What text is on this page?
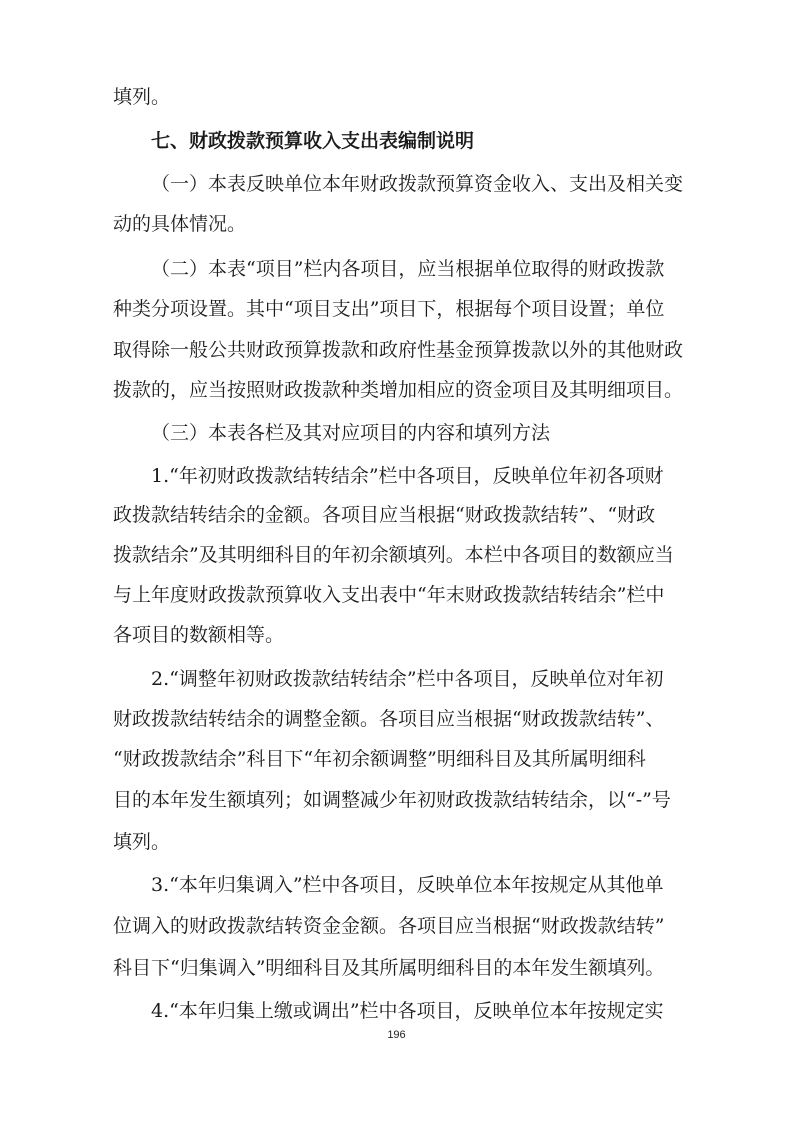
填列。
七、财政拨款预算收入支出表编制说明
（一）本表反映单位本年财政拨款预算资金收入、支出及相关变
动的具体情况。
（二）本表“项目”栏内各项目，应当根据单位取得的财政拨款
种类分项设置。其中“项目支出”项目下，根据每个项目设置；单位
取得除一般公共财政预算拨款和政府性基金预算拨款以外的其他财政
拨款的，应当按照财政拨款种类增加相应的资金项目及其明细项目。
（三）本表各栏及其对应项目的内容和填列方法
1.“年初财政拨款结转结余”栏中各项目，反映单位年初各项财
政拨款结转结余的金额。各项目应当根据“财政拨款结转”、“财政
拨款结余”及其明细科目的年初余额填列。本栏中各项目的数额应当
与上年度财政拨款预算收入支出表中“年末财政拨款结转结余”栏中
各项目的数额相等。
2.“调整年初财政拨款结转结余”栏中各项目，反映单位对年初
财政拨款结转结余的调整金额。各项目应当根据“财政拨款结转”、
“财政拨款结余”科目下“年初余额调整”明细科目及其所属明细科
目的本年发生额填列；如调整减少年初财政拨款结转结余，以“-”号
填列。
3.“本年归集调入”栏中各项目，反映单位本年按规定从其他单
位调入的财政拨款结转资金金额。各项目应当根据“财政拨款结转”
科目下“归集调入”明细科目及其所属明细科目的本年发生额填列。
4.“本年归集上缴或调出”栏中各项目，反映单位本年按规定实
196
